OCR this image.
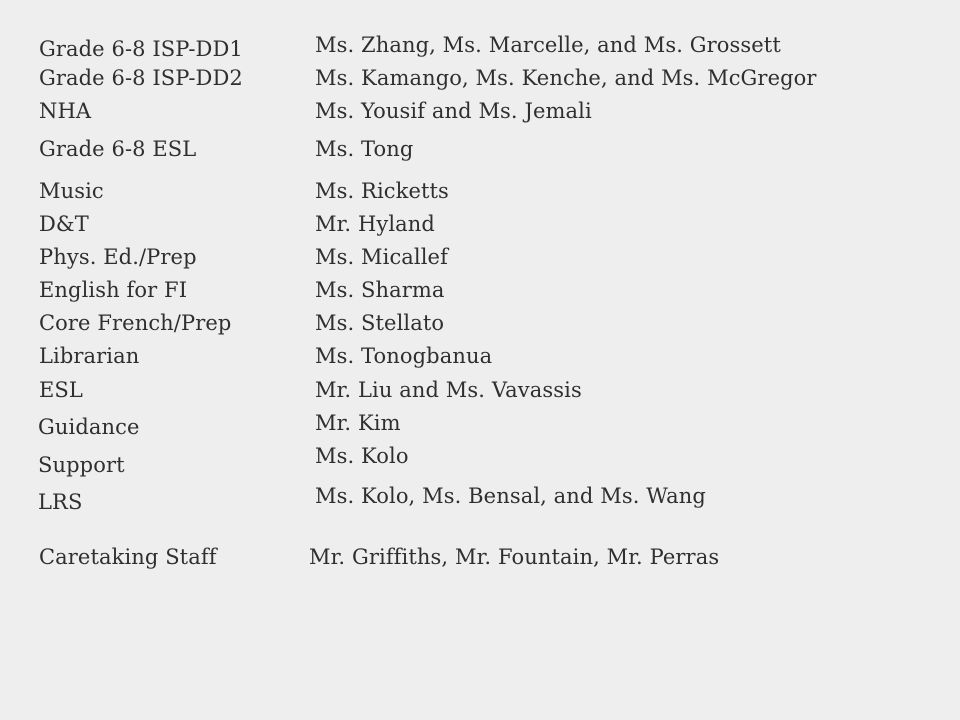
Grade 6-8 ISP-DD1	Ms. Zhang, Ms. Marcelle, and Ms. Grossett
Grade 6-8 ISP-DD2	Ms. Kamango, Ms. Kenche, and Ms. McGregor
NHA	Ms. Yousif and Ms. Jemali
Grade 6-8 ESL	Ms. Tong
Music	Ms. Ricketts
D&T	Mr. Hyland
Phys. Ed./Prep	Ms. Micallef
English for FI	Ms. Sharma
Core French/Prep	Ms. Stellato
Librarian	Ms. Tonogbanua
ESL	Mr. Liu and Ms. Vavassis
Guidance	Mr. Kim
Support	Ms. Kolo
LRS	Ms. Kolo, Ms. Bensal, and Ms. Wang
Caretaking Staff	Mr. Griffiths, Mr. Fountain, Mr. Perras
